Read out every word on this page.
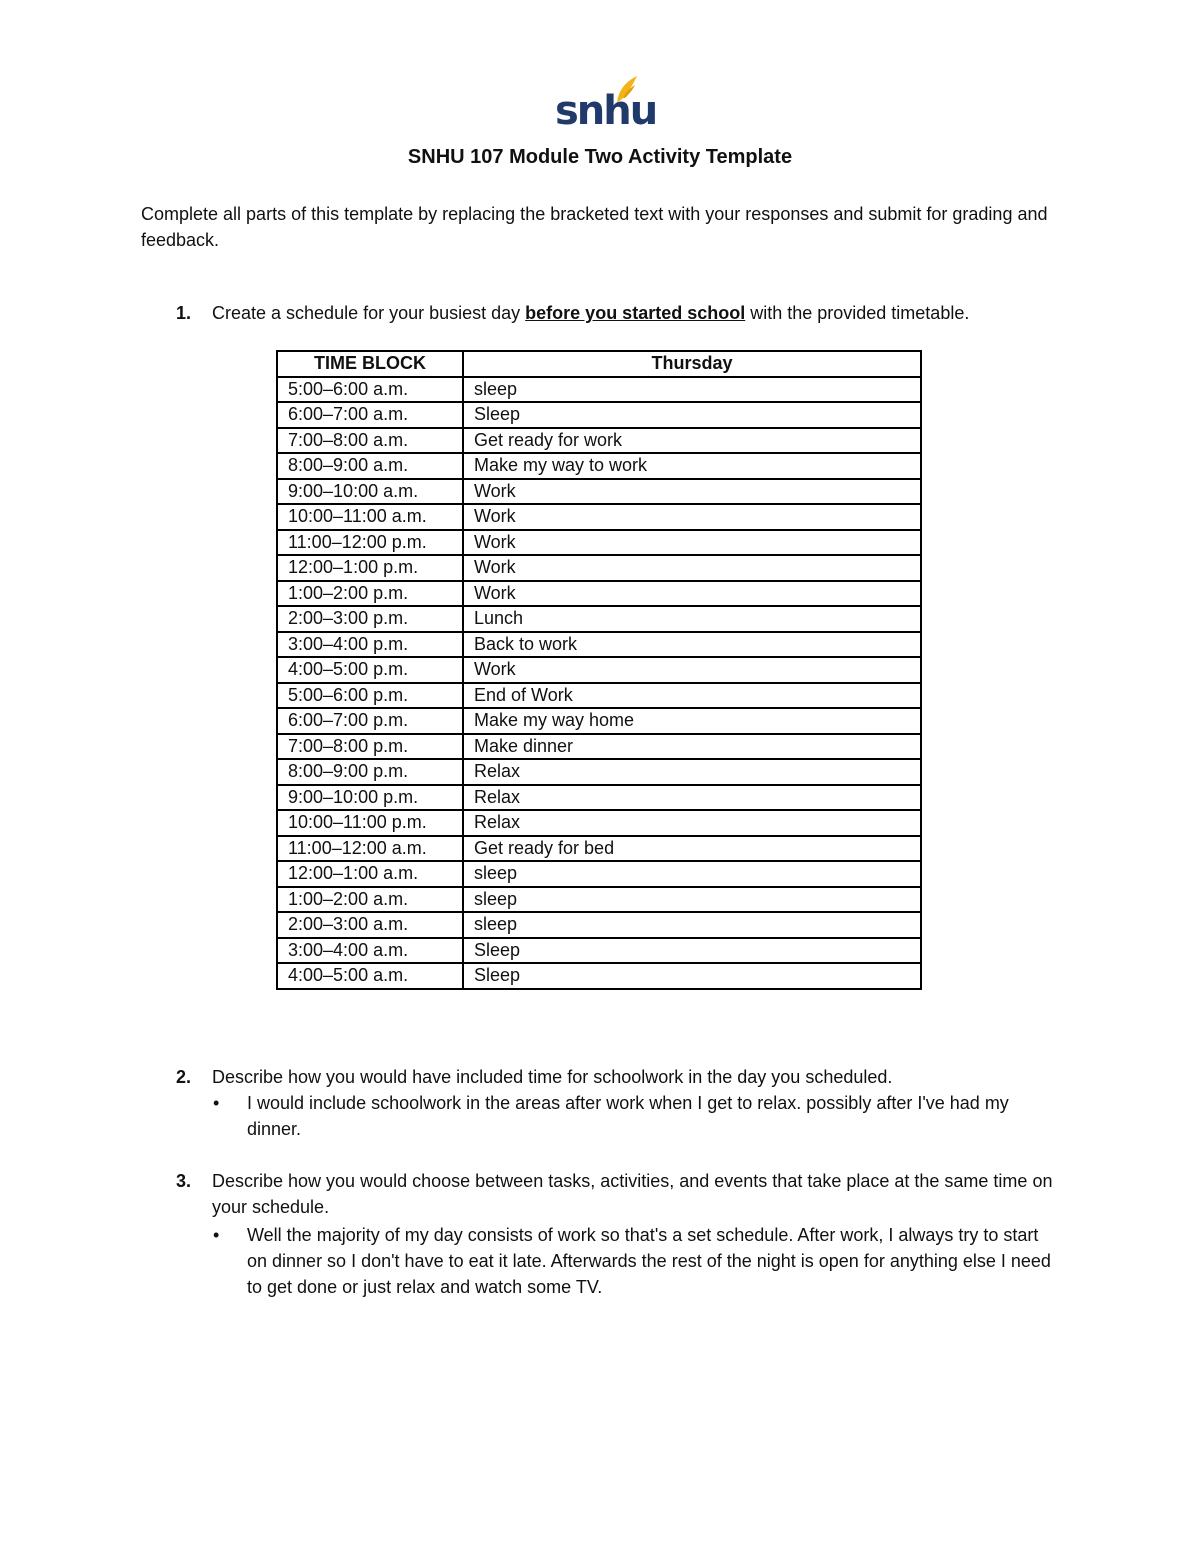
snhu
SNHU 107 Module Two Activity Template
Complete all parts of this template by replacing the bracketed text with your responses and submit for grading and feedback.
1. Create a schedule for your busiest day before you started school with the provided timetable.
TIME BLOCK	Thursday
5:00–6:00 a.m.	sleep
6:00–7:00 a.m.	Sleep
7:00–8:00 a.m.	Get ready for work
8:00–9:00 a.m.	Make my way to work
9:00–10:00 a.m.	Work
10:00–11:00 a.m.	Work
11:00–12:00 p.m.	Work
12:00–1:00 p.m.	Work
1:00–2:00 p.m.	Work
2:00–3:00 p.m.	Lunch
3:00–4:00 p.m.	Back to work
4:00–5:00 p.m.	Work
5:00–6:00 p.m.	End of Work
6:00–7:00 p.m.	Make my way home
7:00–8:00 p.m.	Make dinner
8:00–9:00 p.m.	Relax
9:00–10:00 p.m.	Relax
10:00–11:00 p.m.	Relax
11:00–12:00 a.m.	Get ready for bed
12:00–1:00 a.m.	sleep
1:00–2:00 a.m.	sleep
2:00–3:00 a.m.	sleep
3:00–4:00 a.m.	Sleep
4:00–5:00 a.m.	Sleep
2. Describe how you would have included time for schoolwork in the day you scheduled.
• I would include schoolwork in the areas after work when I get to relax. possibly after I've had my dinner.
3. Describe how you would choose between tasks, activities, and events that take place at the same time on your schedule.
• Well the majority of my day consists of work so that's a set schedule. After work, I always try to start on dinner so I don't have to eat it late. Afterwards the rest of the night is open for anything else I need to get done or just relax and watch some TV.
